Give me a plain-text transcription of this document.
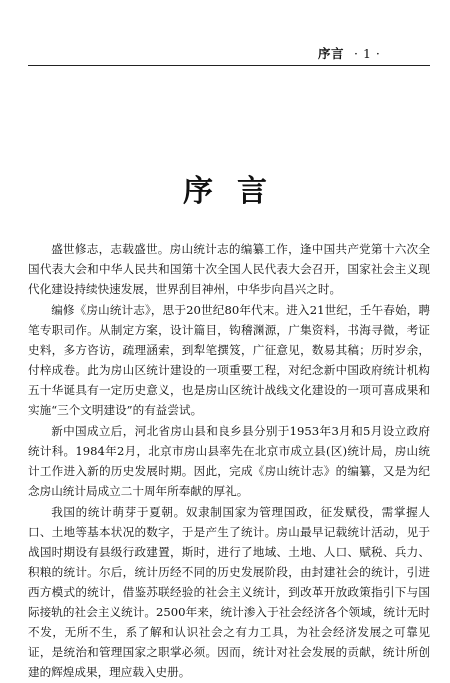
序言 · 1 ·
序言

盛世修志，志载盛世。房山统计志的编纂工作，逢中国共产党第十六次全国代表大会和中华人民共和国第十次全国人民代表大会召开，国家社会主义现代化建设持续快速发展，世界刮目神州，中华步向昌兴之时。

编修《房山统计志》，思于20世纪80年代末。进入21世纪，壬午春始，聘笔专职司作。从制定方案，设计篇目，钩稽渊源，广集资料，书海寻微，考证史料，多方咨访，疏理涵索，到犁笔撰笈，广征意见，数易其稿；历时岁余，付梓成卷。此为房山区统计建设的一项重要工程，对纪念新中国政府统计机构五十华诞具有一定历史意义，也是房山区统计战线文化建设的一项可喜成果和实施“三个文明建设”的有益尝试。

新中国成立后，河北省房山县和良乡县分别于1953年3月和5月设立政府统计科。1984年2月，北京市房山县率先在北京市成立县(区)统计局，房山统计工作进入新的历史发展时期。因此，完成《房山统计志》的编纂，又是为纪念房山统计局成立二十周年所奉献的厚礼。

我国的统计萌芽于夏朝。奴隶制国家为管理国政，征发赋役，需掌握人口、土地等基本状况的数字，于是产生了统计。房山最早记载统计活动，见于战国时期设有县级行政建置，斯时，进行了地域、土地、人口、赋税、兵力、积粮的统计。尔后，统计历经不同的历史发展阶段，由封建社会的统计，引进西方模式的统计，借鉴苏联经验的社会主义统计，到改革开放政策指引下与国际接轨的社会主义统计。2500年来，统计渗入于社会经济各个领域，统计无时不发，无所不生，系了解和认识社会之有力工具，为社会经济发展之可靠见证，是统治和管理国家之职掌必须。因而，统计对社会发展的贡献，统计所创建的辉煌成果，理应载入史册。
